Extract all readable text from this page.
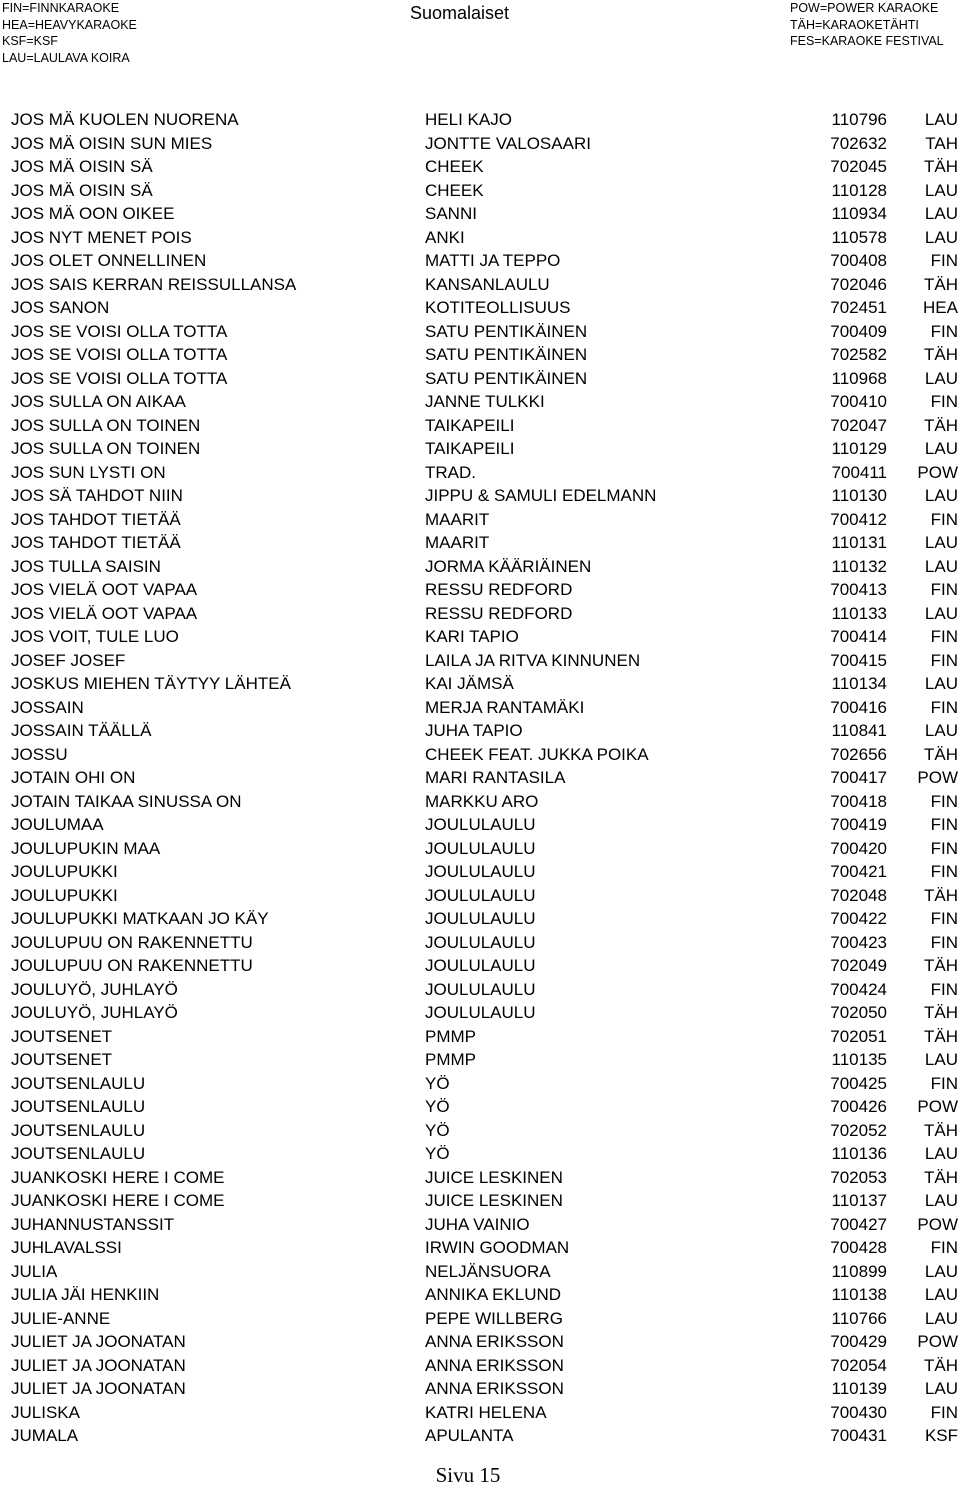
FIN=FINNKARAOKE
HEA=HEAVYKARAOKE
KSF=KSF
LAU=LAULAVA KOIRA
Suomalaiset	POW=POWER KARAOKE
TÄH=KARAOKETÄHTI
FES=KARAOKE FESTIVAL
JOS MÄ KUOLEN NUORENA	HELI KAJO	110796 LAU
JOS MÄ OISIN SUN MIES	JONTTE VALOSAARI	702632 TAH
JOS MÄ OISIN SÄ	CHEEK	702045 TÄH
JOS MÄ OISIN SÄ	CHEEK	110128 LAU
JOS MÄ OON OIKEE	SANNI	110934 LAU
JOS NYT MENET POIS	ANKI	110578 LAU
JOS OLET ONNELLINEN	MATTI JA TEPPO	700408	FIN
JOS SAIS KERRAN REISSULLANSA	KANSANLAULU	702046 TÄH
JOS SANON	KOTITEOLLISUUS	702451 HEA
JOS SE VOISI OLLA TOTTA	SATU PENTIKÄINEN	700409	FIN
JOS SE VOISI OLLA TOTTA	SATU PENTIKÄINEN	702582 TÄH
JOS SE VOISI OLLA TOTTA	SATU PENTIKÄINEN	110968 LAU
JOS SULLA ON AIKAA	JANNE TULKKI	700410	FIN
JOS SULLA ON TOINEN	TAIKAPEILI	702047 TÄH
JOS SULLA ON TOINEN	TAIKAPEILI	110129 LAU
JOS SUN LYSTI ON	TRAD.	700411 POW
JOS SÄ TAHDOT NIIN	JIPPU & SAMULI EDELMANN	110130 LAU
JOS TAHDOT TIETÄÄ	MAARIT	700412	FIN
JOS TAHDOT TIETÄÄ	MAARIT	110131 LAU
JOS TULLA SAISIN	JORMA KÄÄRIÄINEN	110132 LAU
JOS VIELÄ OOT VAPAA	RESSU REDFORD	700413	FIN
JOS VIELÄ OOT VAPAA	RESSU REDFORD	110133 LAU
JOS VOIT, TULE LUO	KARI TAPIO	700414	FIN
JOSEF JOSEF	LAILA JA RITVA KINNUNEN	700415	FIN
JOSKUS MIEHEN TÄYTYY LÄHTEÄ	KAI JÄMSÄ	110134 LAU
JOSSAIN	MERJA RANTAMÄKI	700416	FIN
JOSSAIN TÄÄLLÄ	JUHA TAPIO	110841 LAU
JOSSU	CHEEK FEAT. JUKKA POIKA	702656 TÄH
JOTAIN OHI ON	MARI RANTASILA	700417 POW
JOTAIN TAIKAA SINUSSA ON	MARKKU ARO	700418	FIN
JOULUMAA	JOULULAULU	700419	FIN
JOULUPUKIN MAA	JOULULAULU	700420	FIN
JOULUPUKKI	JOULULAULU	700421	FIN
JOULUPUKKI	JOULULAULU	702048 TÄH
JOULUPUKKI MATKAAN JO KÄY	JOULULAULU	700422	FIN
JOULUPUU ON RAKENNETTU	JOULULAULU	700423	FIN
JOULUPUU ON RAKENNETTU	JOULULAULU	702049 TÄH
JOULUYÖ, JUHLAYÖ	JOULULAULU	700424	FIN
JOULUYÖ, JUHLAYÖ	JOULULAULU	702050 TÄH
JOUTSENET	PMMP	702051 TÄH
JOUTSENET	PMMP	110135 LAU
JOUTSENLAULU	YÖ	700425	FIN
JOUTSENLAULU	YÖ	700426 POW
JOUTSENLAULU	YÖ	702052 TÄH
JOUTSENLAULU	YÖ	110136 LAU
JUANKOSKI HERE I COME	JUICE LESKINEN	702053 TÄH
JUANKOSKI HERE I COME	JUICE LESKINEN	110137 LAU
JUHANNUSTANSSIT	JUHA VAINIO	700427 POW
JUHLAVALSSI	IRWIN GOODMAN	700428	FIN
JULIA	NELJÄNSUORA	110899 LAU
JULIA JÄI HENKIIN	ANNIKA EKLUND	110138 LAU
JULIE-ANNE	PEPE WILLBERG	110766 LAU
JULIET JA JOONATAN	ANNA ERIKSSON	700429 POW
JULIET JA JOONATAN	ANNA ERIKSSON	702054 TÄH
JULIET JA JOONATAN	ANNA ERIKSSON	110139 LAU
JULISKA	KATRI HELENA	700430	FIN
JUMALA	APULANTA	700431 KSF
Sivu 15
